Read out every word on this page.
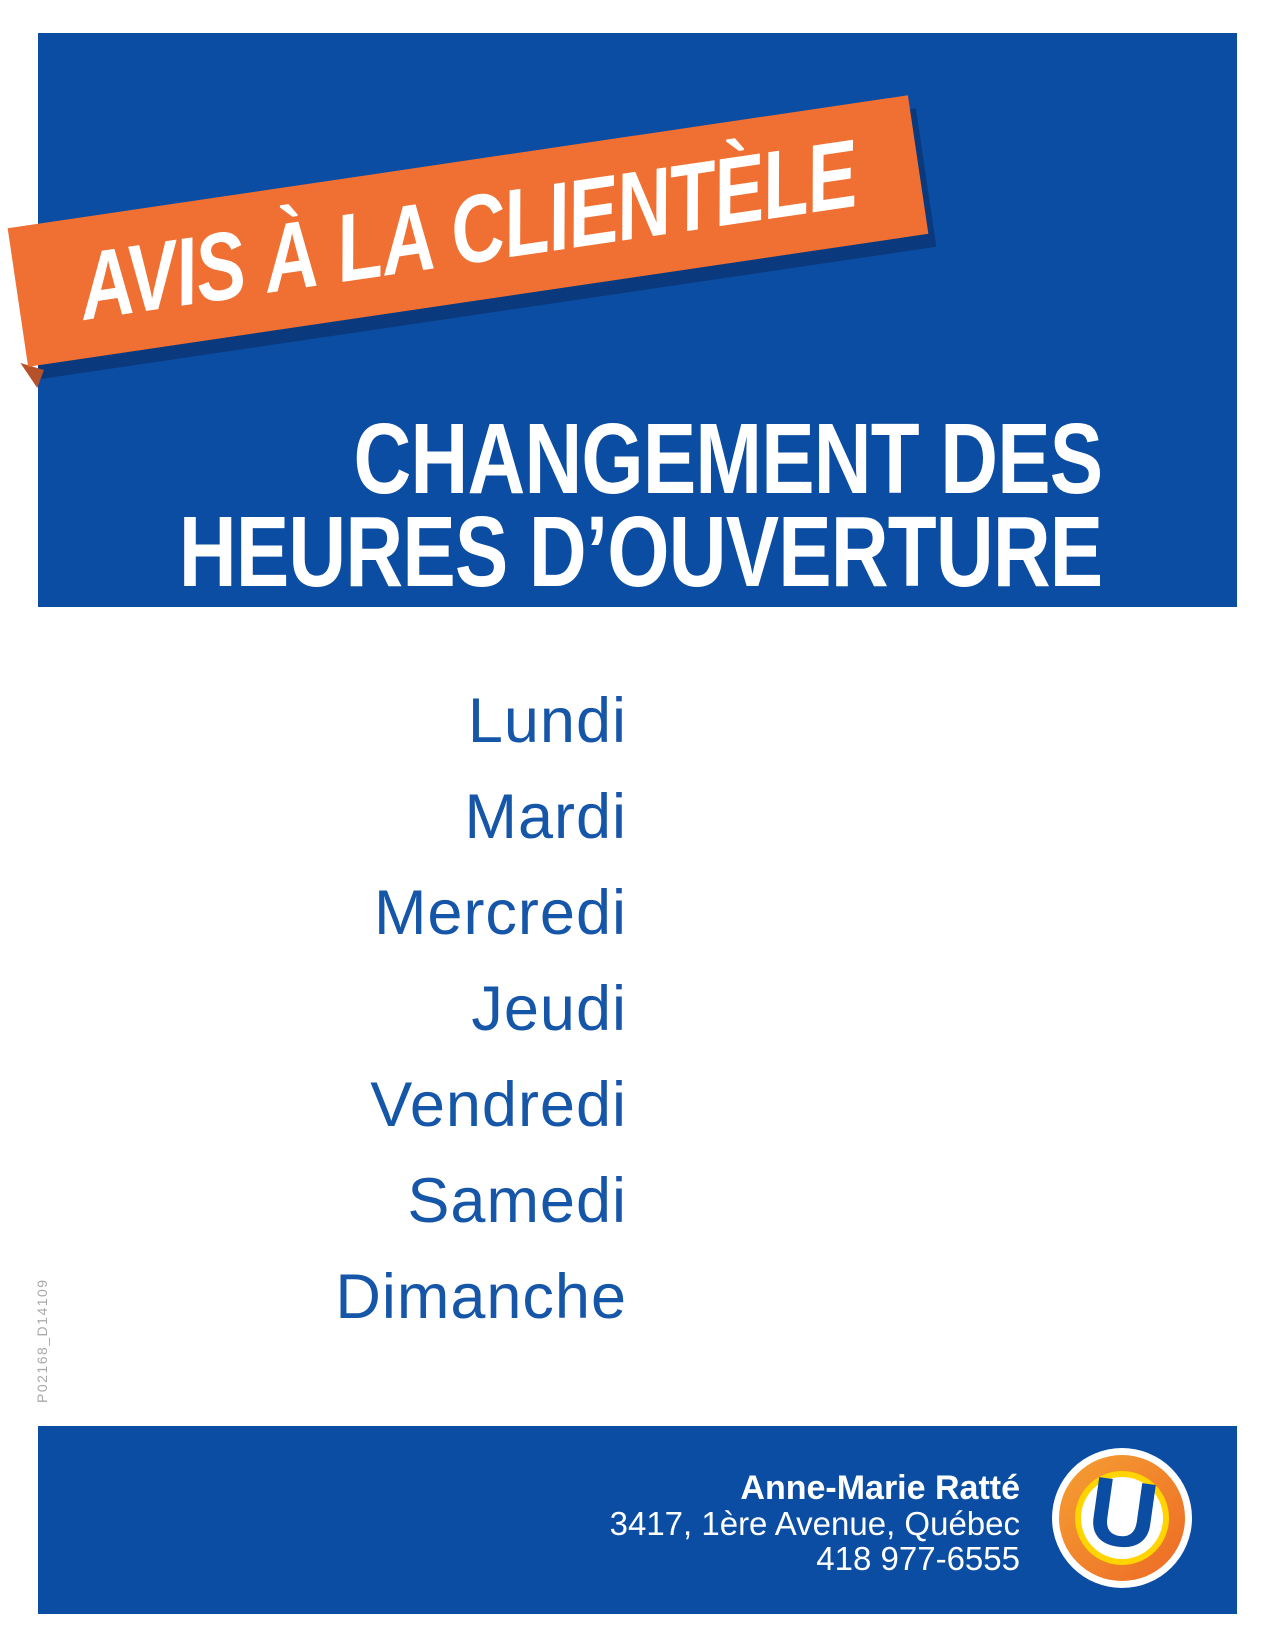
CHANGEMENT DES
HEURES D’OUVERTURE
AVIS À LA CLIENTÈLE
Lundi
Mardi
Mercredi
Jeudi
Vendredi
Samedi
Dimanche
P02168_D14109
Anne-Marie Ratté
3417, 1ère Avenue, Québec
418 977-6555 U
